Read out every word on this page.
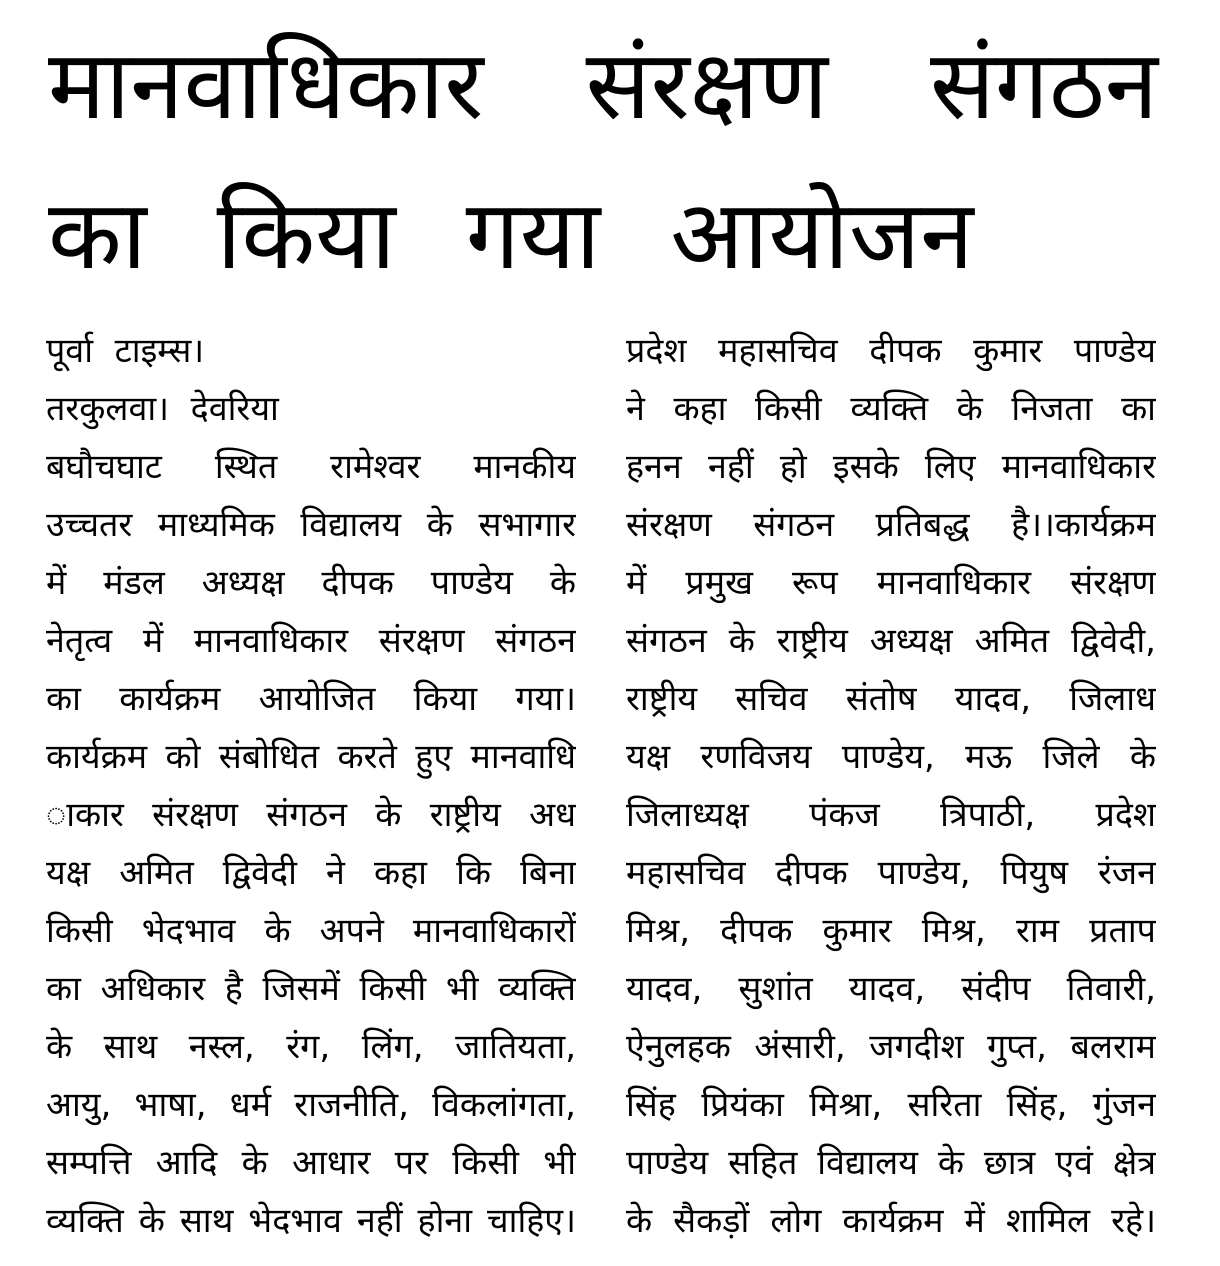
मानवाधिकार संरक्षण संगठन
का किया गया आयोजन
पूर्वा  टाइम्स।
तरकुलवा।  देवरिया
बघौचघाट स्थित रामेश्वर मानकीय
उच्चतर माध्यमिक विद्यालय के सभागार
में मंडल अध्यक्ष दीपक पाण्डेय के
नेतृत्व में मानवाधिकार संरक्षण संगठन
का कार्यक्रम आयोजित किया गया।
कार्यक्रम को संबोधित करते हुए मानवाधि
ाकार संरक्षण संगठन के राष्ट्रीय अध
यक्ष अमित द्विवेदी ने कहा कि बिना
किसी भेदभाव के अपने मानवाधिकारों
का अधिकार है जिसमें किसी भी व्यक्ति
के साथ नस्ल, रंग, लिंग, जातियता,
आयु, भाषा, धर्म राजनीति, विकलांगता,
सम्पत्ति आदि के आधार पर किसी भी
व्यक्ति के साथ भेदभाव नहीं होना चाहिए।
प्रदेश महासचिव दीपक कुमार पाण्डेय
ने कहा किसी व्यक्ति के निजता का
हनन नहीं हो इसके लिए मानवाधिकार
संरक्षण संगठन प्रतिबद्ध है।।कार्यक्रम
में प्रमुख रूप मानवाधिकार संरक्षण
संगठन के राष्ट्रीय अध्यक्ष अमित द्विवेदी,
राष्ट्रीय सचिव संतोष यादव, जिलाध
यक्ष रणविजय पाण्डेय, मऊ जिले के
जिलाध्यक्ष पंकज त्रिपाठी, प्रदेश
महासचिव दीपक पाण्डेय, पियुष रंजन
मिश्र, दीपक कुमार मिश्र, राम प्रताप
यादव, सुशांत यादव, संदीप तिवारी,
ऐनुलहक अंसारी, जगदीश गुप्त, बलराम
सिंह प्रियंका मिश्रा, सरिता सिंह, गुंजन
पाण्डेय सहित विद्यालय के छात्र एवं क्षेत्र
के सैकड़ों लोग कार्यक्रम में शामिल रहे।
